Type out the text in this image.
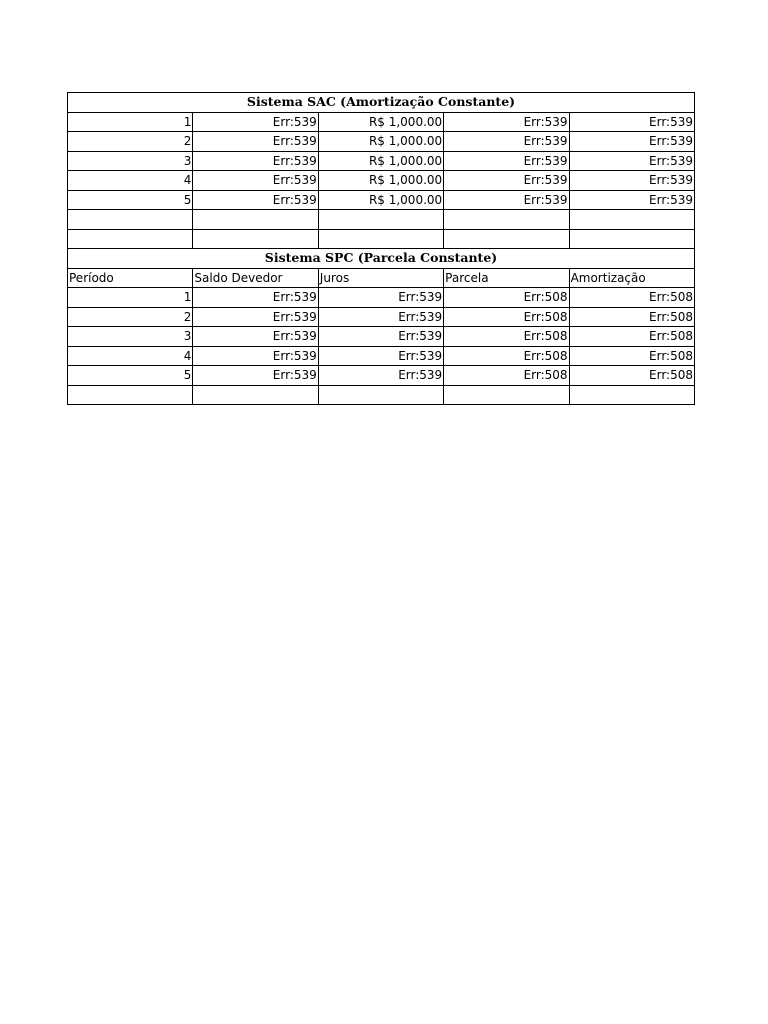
Sistema SAC (Amortização Constante)				
1	Err:539	R$ 1,000.00	Err:539	Err:539
2	Err:539	R$ 1,000.00	Err:539	Err:539
3	Err:539	R$ 1,000.00	Err:539	Err:539
4	Err:539	R$ 1,000.00	Err:539	Err:539
5	Err:539	R$ 1,000.00	Err:539	Err:539

Sistema SPC (Parcela Constante)				
Período	Saldo Devedor	Juros	Parcela	Amortização
1	Err:539	Err:539	Err:508	Err:508
2	Err:539	Err:539	Err:508	Err:508
3	Err:539	Err:539	Err:508	Err:508
4	Err:539	Err:539	Err:508	Err:508
5	Err:539	Err:539	Err:508	Err:508
